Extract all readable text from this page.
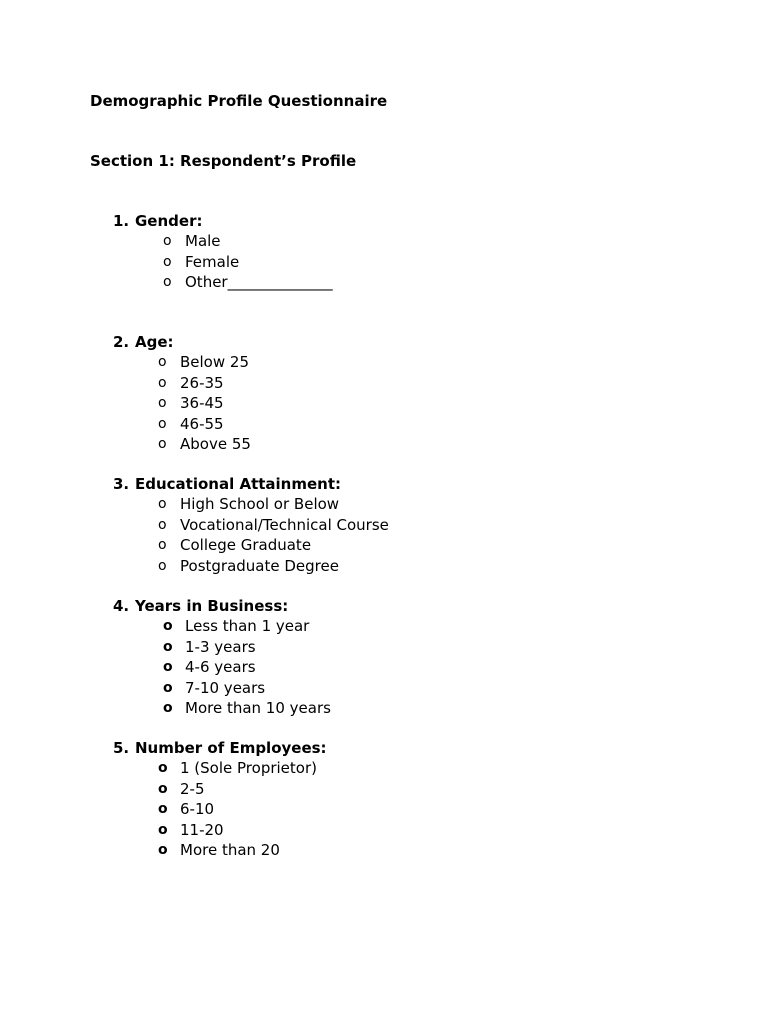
Demographic Profile Questionnaire
Section 1: Respondent’s Profile
1. Gender:
o Male
o Female
o Other______________
2. Age:
o Below 25
o 26-35
o 36-45
o 46-55
o Above 55
3. Educational Attainment:
o High School or Below
o Vocational/Technical Course
o College Graduate
o Postgraduate Degree
4. Years in Business:
o Less than 1 year
o 1-3 years
o 4-6 years
o 7-10 years
o More than 10 years
5. Number of Employees:
o 1 (Sole Proprietor)
o 2-5
o 6-10
o 11-20
o More than 20
